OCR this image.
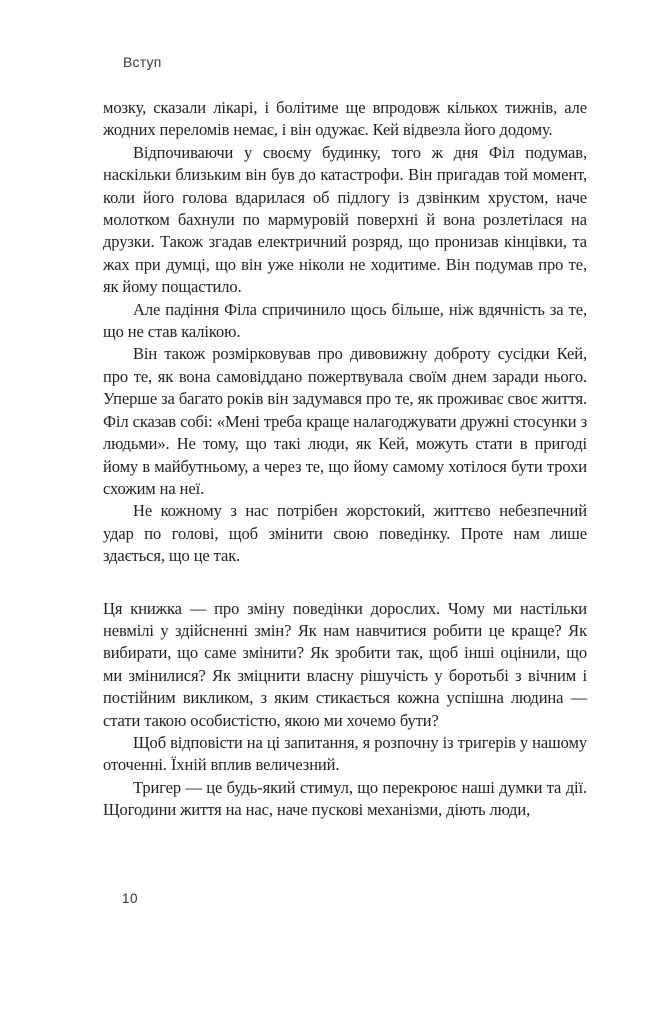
Вступ

мозку, сказали лікарі, і болітиме ще впродовж кількох тижнів, але жодних переломів немає, і він одужає. Кей відвезла його додому.

Відпочиваючи у своєму будинку, того ж дня Філ подумав, наскільки близьким він був до катастрофи. Він пригадав той момент, коли його голова вдарилася об підлогу із дзвінким хрустом, наче молотком бахнули по мармуровій поверхні й вона розлетілася на друзки. Також згадав електричний розряд, що пронизав кінцівки, та жах при думці, що він уже ніколи не ходитиме. Він подумав про те, як йому пощастило.

Але падіння Філа спричинило щось більше, ніж вдячність за те, що не став калікою.

Він також розмірковував про дивовижну доброту сусідки Кей, про те, як вона самовіддано пожертвувала своїм днем заради нього. Уперше за багато років він задумався про те, як проживає своє життя. Філ сказав собі: «Мені треба краще налагоджувати дружні стосунки з людьми». Не тому, що такі люди, як Кей, можуть стати в пригоді йому в майбутньому, а через те, що йому самому хотілося бути трохи схожим на неї.

Не кожному з нас потрібен жорстокий, життєво небезпечний удар по голові, щоб змінити свою поведінку. Проте нам лише здається, що це так.

Ця книжка — про зміну поведінки дорослих. Чому ми настільки невмілі у здійсненні змін? Як нам навчитися робити це краще? Як вибирати, що саме змінити? Як зробити так, щоб інші оцінили, що ми змінилися? Як зміцнити власну рішучість у боротьбі з вічним і постійним викликом, з яким стикається кожна успішна людина — стати такою особистістю, якою ми хочемо бути?

Щоб відповісти на ці запитання, я розпочну із тригерів у нашому оточенні. Їхній вплив величезний.

Тригер — це будь-який стимул, що перекроює наші думки та дії. Щогодини життя на нас, наче пускові механізми, діють люди,

10
